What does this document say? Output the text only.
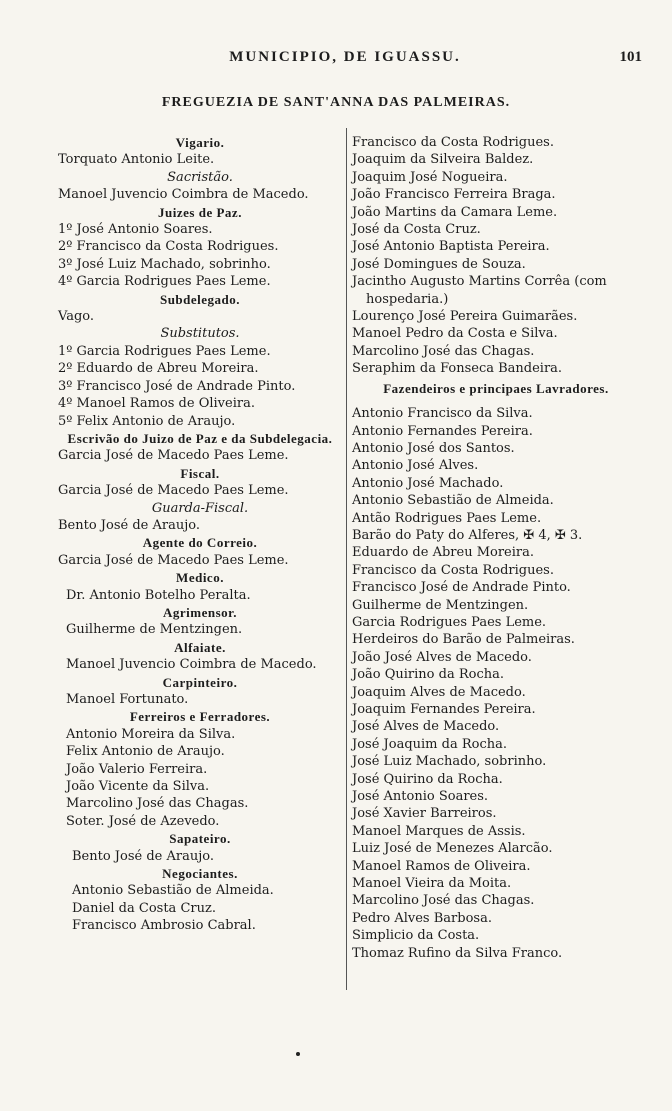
MUNICIPIO, DE IGUASSU.	101
FREGUEZIA DE SANT'ANNA DAS PALMEIRAS.
Vigario.
Torquato Antonio Leite.
Sacristão.
Manoel Juvencio Coimbra de Macedo.
Juizes de Paz.
1º José Antonio Soares.
2º Francisco da Costa Rodrigues.
3º José Luiz Machado, sobrinho.
4º Garcia Rodrigues Paes Leme.
Subdelegado.
Vago.
Substitutos.
1º Garcia Rodrigues Paes Leme.
2º Eduardo de Abreu Moreira.
3º Francisco José de Andrade Pinto.
4º Manoel Ramos de Oliveira.
5º Felix Antonio de Araujo.
Escrivão do Juizo de Paz e da Subdelegacia.
Garcia José de Macedo Paes Leme.
Fiscal.
Garcia José de Macedo Paes Leme.
Guarda-Fiscal.
Bento José de Araujo.
Agente do Correio.
Garcia José de Macedo Paes Leme.
Medico.
Dr. Antonio Botelho Peralta.
Agrimensor.
Guilherme de Mentzingen.
Alfaiate.
Manoel Juvencio Coimbra de Macedo.
Carpinteiro.
Manoel Fortunato.
Ferreiros e Ferradores.
Antonio Moreira da Silva.
Felix Antonio de Araujo.
João Valerio Ferreira.
João Vicente da Silva.
Marcolino José das Chagas.
Soter. José de Azevedo.
Sapateiro.
Bento José de Araujo.
Negociantes.
Antonio Sebastião de Almeida.
Daniel da Costa Cruz.
Francisco Ambrosio Cabral.
Francisco da Costa Rodrigues.
Joaquim da Silveira Baldez.
Joaquim José Nogueira.
João Francisco Ferreira Braga.
João Martins da Camara Leme.
José da Costa Cruz.
José Antonio Baptista Pereira.
José Domingues de Souza.
Jacintho Augusto Martins Corrêa (com hospedaria.)
Lourenço José Pereira Guimarães.
Manoel Pedro da Costa e Silva.
Marcolino José das Chagas.
Seraphim da Fonseca Bandeira.
Fazendeiros e principaes Lavradores.
Antonio Francisco da Silva.
Antonio Fernandes Pereira.
Antonio José dos Santos.
Antonio José Alves.
Antonio José Machado.
Antonio Sebastião de Almeida.
Antão Rodrigues Paes Leme.
Barão do Paty do Alferes, ✠ 4, ✠ 3.
Eduardo de Abreu Moreira.
Francisco da Costa Rodrigues.
Francisco José de Andrade Pinto.
Guilherme de Mentzingen.
Garcia Rodrigues Paes Leme.
Herdeiros do Barão de Palmeiras.
João José Alves de Macedo.
João Quirino da Rocha.
Joaquim Alves de Macedo.
Joaquim Fernandes Pereira.
José Alves de Macedo.
José Joaquim da Rocha.
José Luiz Machado, sobrinho.
José Quirino da Rocha.
José Antonio Soares.
José Xavier Barreiros.
Manoel Marques de Assis.
Luiz José de Menezes Alarcão.
Manoel Ramos de Oliveira.
Manoel Vieira da Moita.
Marcolino José das Chagas.
Pedro Alves Barbosa.
Simplicio da Costa.
Thomaz Rufino da Silva Franco.
